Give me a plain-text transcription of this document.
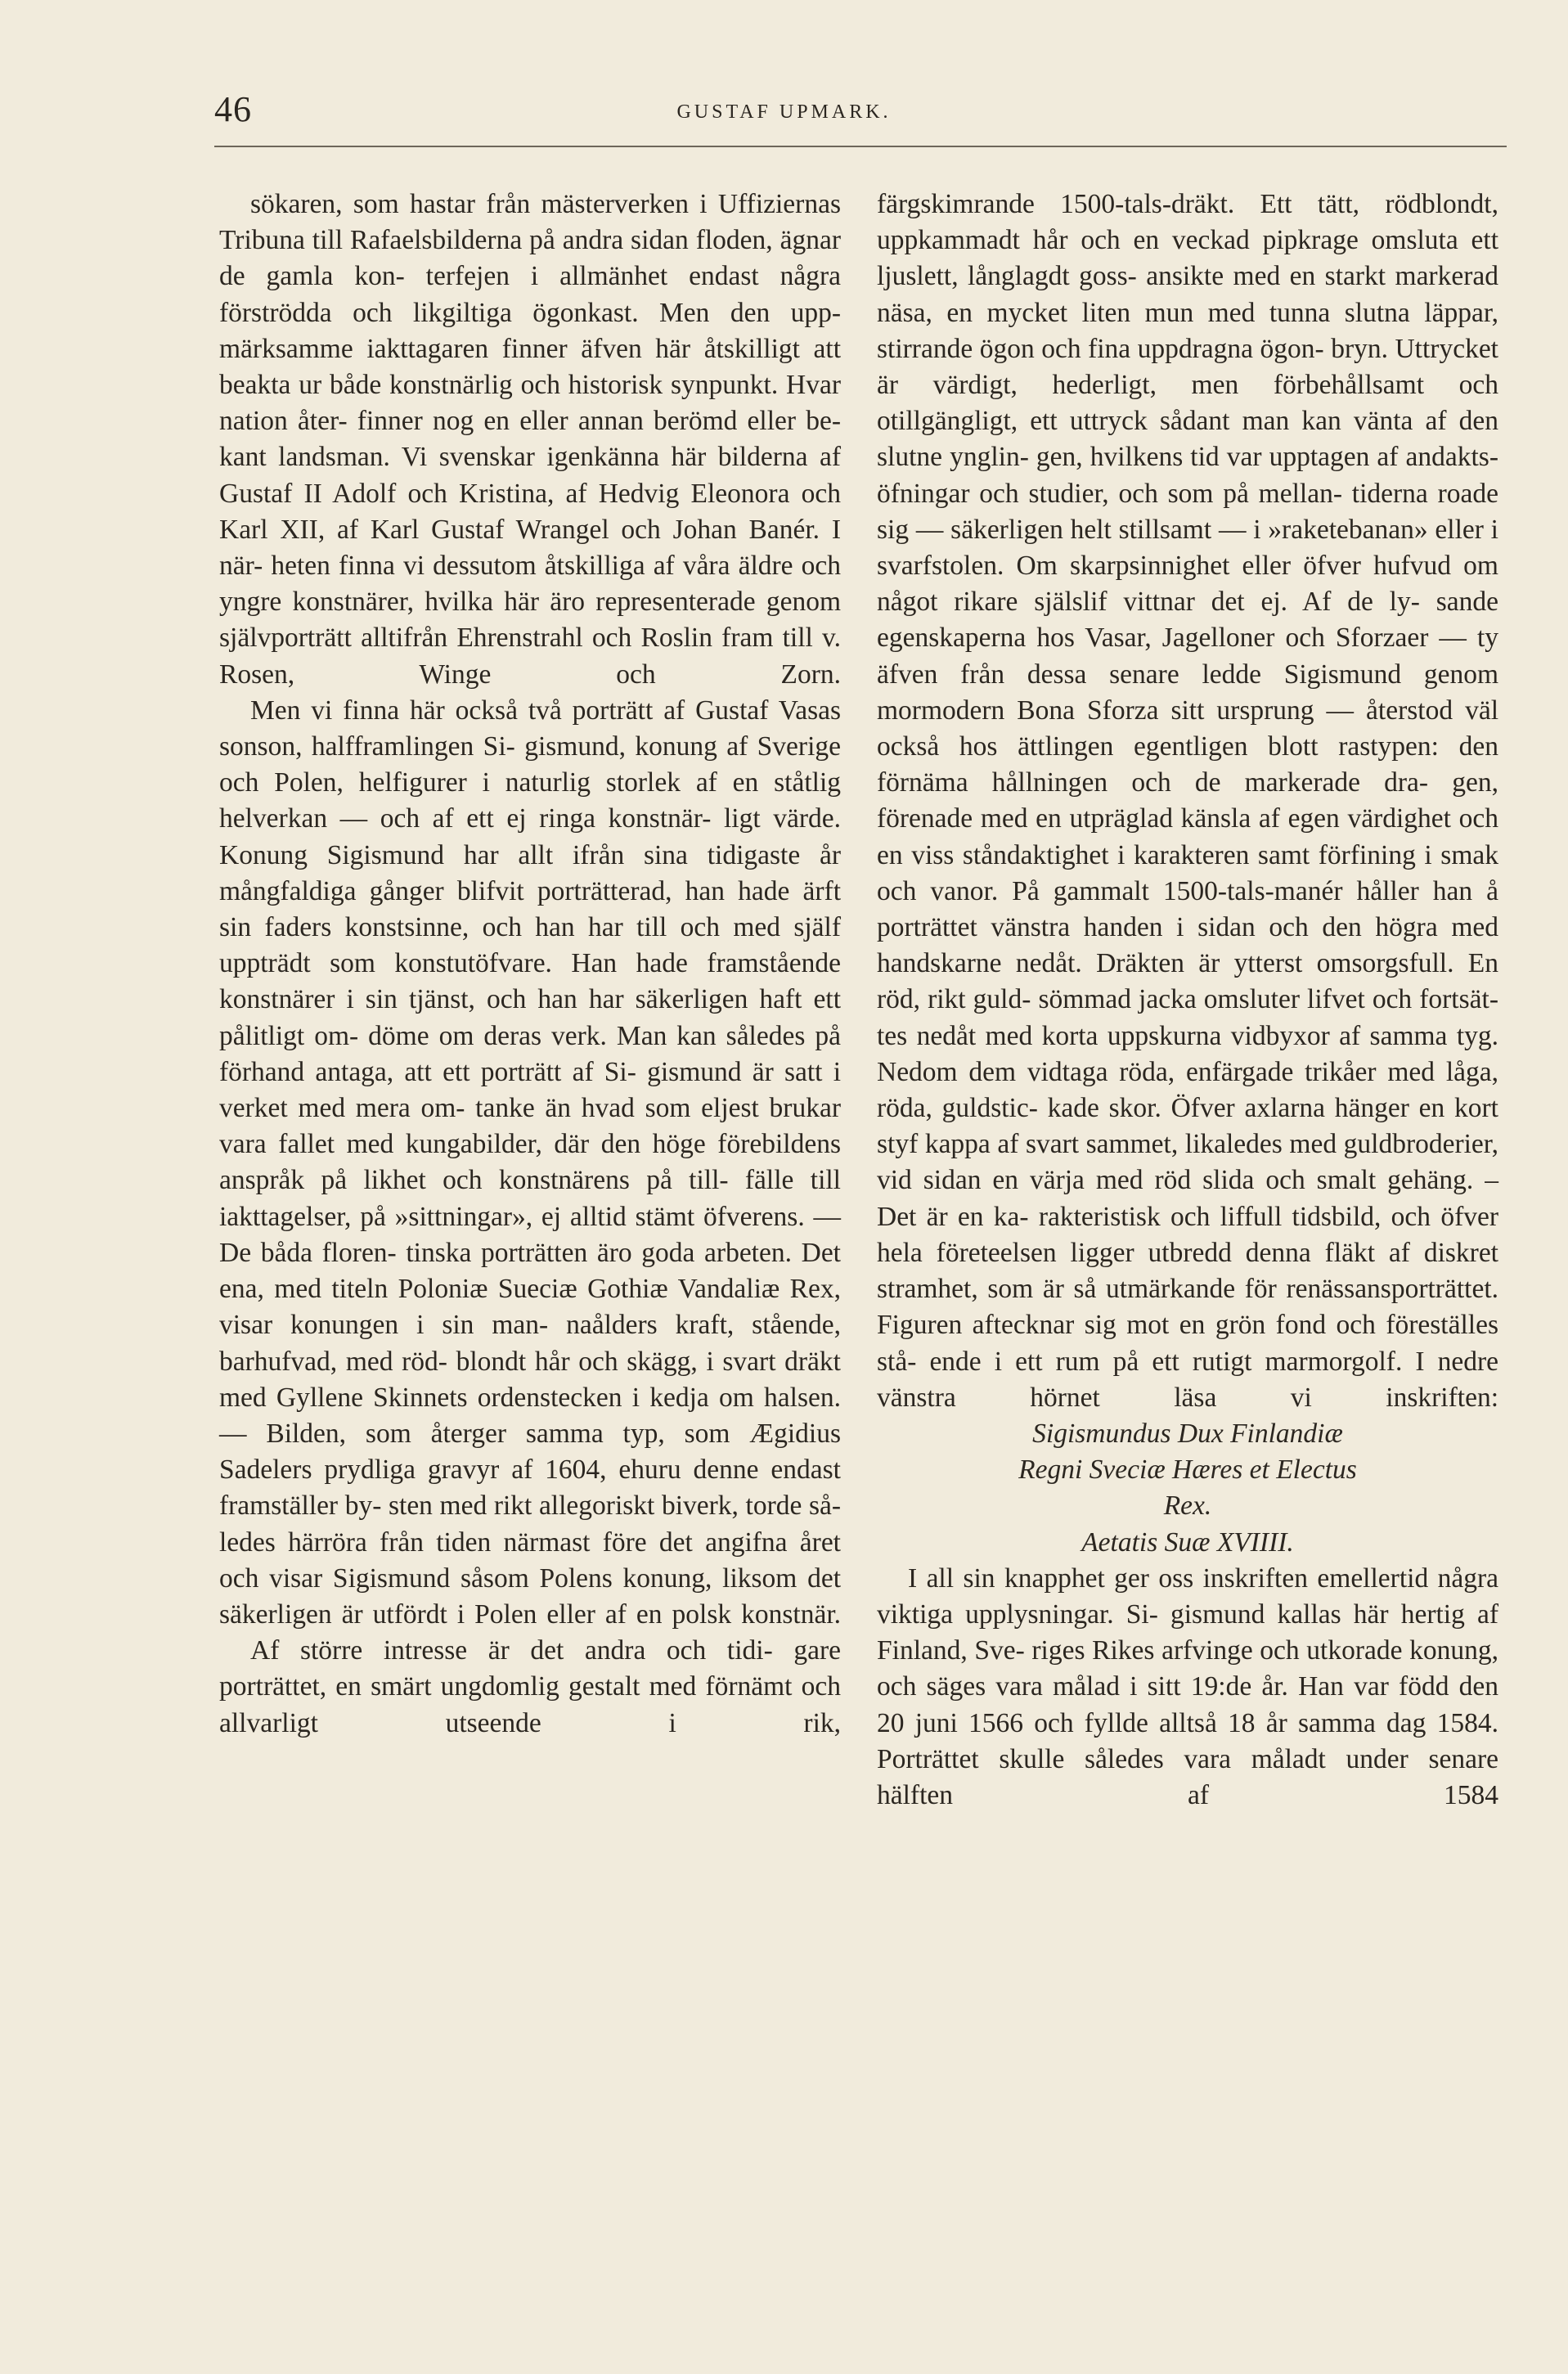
46	GUSTAF UPMARK.

sökaren, som hastar från mästerverken i Uffiziernas Tribuna till Rafaelsbilderna på andra sidan floden, ägnar de gamla kon- terfejen i allmänhet endast några förströdda och likgiltiga ögonkast. Men den upp- märksamme iakttagaren finner äfven här åtskilligt att beakta ur både konstnärlig och historisk synpunkt. Hvar nation åter- finner nog en eller annan berömd eller be- kant landsman. Vi svenskar igenkänna här bilderna af Gustaf II Adolf och Kristina, af Hedvig Eleonora och Karl XII, af Karl Gustaf Wrangel och Johan Banér. I när- heten finna vi dessutom åtskilliga af våra äldre och yngre konstnärer, hvilka här äro representerade genom självporträtt alltifrån Ehrenstrahl och Roslin fram till v. Rosen,	Winge och Zorn.

Men vi finna här också två porträtt af Gustaf Vasas sonson, halfframlingen Si- gismund, konung af Sverige och Polen, helfigurer i naturlig storlek af en ståtlig helverkan — och af ett ej ringa konstnär- ligt värde. Konung Sigismund har allt ifrån sina tidigaste år mångfaldiga gånger blifvit porträtterad, han hade ärft sin faders konstsinne, och han har till och med själf uppträdt som konstutöfvare. Han hade framstående konstnärer i sin tjänst, och han har säkerligen haft ett pålitligt om- döme om deras verk. Man kan således på förhand antaga, att ett porträtt af Si- gismund är satt i verket med mera om- tanke än hvad som eljest brukar vara fallet med kungabilder, där den höge förebildens anspråk på likhet och konstnärens på till- fälle till iakttagelser, på »sittningar», ej alltid stämt öfverens. — De båda floren- tinska porträtten äro goda arbeten. Det ena, med titeln Poloniæ Sueciæ Gothiæ Vandaliæ Rex, visar konungen i sin man- naålders kraft, stående, barhufvad, med röd- blondt hår och skägg, i svart dräkt med Gyllene Skinnets ordenstecken i kedja om halsen. — Bilden, som återger samma typ, som Ægidius Sadelers prydliga gravyr af 1604, ehuru denne endast framställer by- sten med rikt allegoriskt biverk, torde så- ledes härröra från tiden närmast före det angifna året och visar Sigismund såsom Polens konung, liksom det säkerligen är utfördt i Polen eller af en polsk konstnär.

Af större intresse är det andra och tidi- gare porträttet, en smärt ungdomlig gestalt med förnämt och allvarligt utseende i rik,

färgskimrande 1500-tals-dräkt. Ett tätt, rödblondt, uppkammadt hår och en veckad pipkrage omsluta ett ljuslett, långlagdt goss- ansikte med en starkt markerad näsa, en mycket liten mun med tunna slutna läppar, stirrande ögon och fina uppdragna ögon- bryn. Uttrycket är värdigt, hederligt, men förbehållsamt och otillgängligt, ett uttryck sådant man kan vänta af den slutne ynglin- gen, hvilkens tid var upptagen af andakts- öfningar och studier, och som på mellan- tiderna roade sig — säkerligen helt stillsamt — i »raketebanan» eller i svarfstolen. Om skarpsinnighet eller öfver hufvud om något rikare själslif vittnar det ej. Af de ly- sande egenskaperna hos Vasar, Jagelloner och Sforzaer — ty äfven från dessa senare ledde Sigismund genom mormodern Bona Sforza sitt ursprung — återstod väl också hos ättlingen egentligen blott rastypen: den förnäma hållningen och de markerade dra- gen, förenade med en utpräglad känsla af egen värdighet och en viss ståndaktighet i karakteren samt förfining i smak och vanor. På gammalt 1500-tals-manér håller han å porträttet vänstra handen i sidan och den högra med handskarne nedåt. Dräkten är ytterst omsorgsfull. En röd, rikt guld- sömmad jacka omsluter lifvet och fortsät- tes nedåt med korta uppskurna vidbyxor af samma tyg. Nedom dem vidtaga röda, enfärgade trikåer med låga, röda, guldstic- kade skor. Öfver axlarna hänger en kort styf kappa af svart sammet, likaledes med guldbroderier, vid sidan en värja med röd slida och smalt gehäng. – Det är en ka- rakteristisk och liffull tidsbild, och öfver hela företeelsen ligger utbredd denna fläkt af diskret stramhet, som är så utmärkande för renässansporträttet. Figuren aftecknar sig mot en grön fond och föreställes stå- ende i ett rum på ett rutigt marmorgolf. I nedre vänstra hörnet läsa vi inskriften:

Sigismundus Dux Finlandiæ
Regni Sveciæ Hæres et Electus
Rex.
Aetatis Suæ XVIIII.

I all sin knapphet ger oss inskriften emellertid några viktiga upplysningar. Si- gismund kallas här hertig af Finland, Sve- riges Rikes arfvinge och utkorade konung, och säges vara målad i sitt 19:de år. Han var född den 20 juni 1566 och fyllde alltså 18 år samma dag 1584. Porträttet skulle således vara måladt under senare hälften af 1584
